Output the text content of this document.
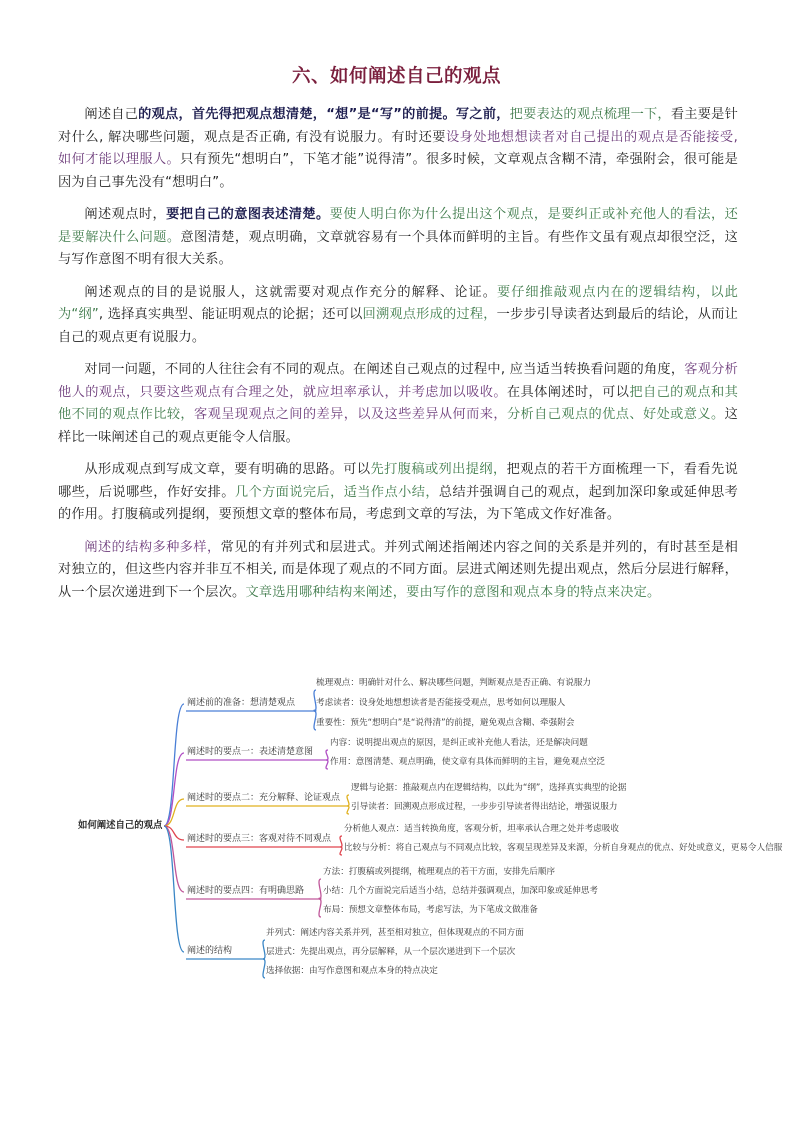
六、如何阐述自己的观点

阐述自己的观点，首先得把观点想清楚，“想”是“写”的前提。写之前，把要表达的观点梳理一下，看主要是针对什么, 解决哪些问题，观点是否正确, 有没有说服力。有时还要设身处地想想读者对自己提出的观点是否能接受, 如何才能以理服人。只有预先“想明白”，下笔才能”说得清”。很多时候，文章观点含糊不清，牵强附会，很可能是因为自己事先没有“想明白”。

阐述观点时，要把自己的意图表述清楚。要使人明白你为什么提出这个观点，是要纠正或补充他人的看法，还是要解决什么问题。意图清楚，观点明确，文章就容易有一个具体而鲜明的主旨。有些作文虽有观点却很空泛，这与写作意图不明有很大关系。

阐述观点的目的是说服人，这就需要对观点作充分的解释、论证。要仔细推敲观点内在的逻辑结构，以此为“纲”, 选择真实典型、能证明观点的论据；还可以回溯观点形成的过程，一步步引导读者达到最后的结论，从而让自己的观点更有说服力。

对同一问题，不同的人往往会有不同的观点。在阐述自己观点的过程中, 应当适当转换看问题的角度，客观分析他人的观点，只要这些观点有合理之处，就应坦率承认，并考虑加以吸收。在具体阐述时，可以把自己的观点和其他不同的观点作比较，客观呈现观点之间的差异，以及这些差异从何而来，分析自己观点的优点、好处或意义。这样比一味阐述自己的观点更能令人信服。

从形成观点到写成文章，要有明确的思路。可以先打腹稿或列出提纲，把观点的若干方面梳理一下，看看先说哪些，后说哪些，作好安排。几个方面说完后，适当作点小结，总结并强调自己的观点，起到加深印象或延伸思考的作用。打腹稿或列提纲，要预想文章的整体布局，考虑到文章的写法，为下笔成文作好准备。

阐述的结构多种多样，常见的有并列式和层进式。并列式阐述指阐述内容之间的关系是并列的，有时甚至是相对独立的，但这些内容并非互不相关, 而是体现了观点的不同方面。层进式阐述则先提出观点，然后分层进行解释，从一个层次递进到下一个层次。文章选用哪种结构来阐述，要由写作的意图和观点本身的特点来决定。

如何阐述自己的观点
阐述前的准备：想清楚观点
梳理观点：明确针对什么、解决哪些问题，判断观点是否正确、有说服力
考虑读者：设身处地想想读者是否能接受观点，思考如何以理服人
重要性：预先“想明白”是“说得清”的前提，避免观点含糊、牵强附会
阐述时的要点一：表述清楚意图
内容：说明提出观点的原因，是纠正或补充他人看法，还是解决问题
作用：意图清楚、观点明确，使文章有具体而鲜明的主旨，避免观点空泛
阐述时的要点二：充分解释、论证观点
逻辑与论据：推敲观点内在逻辑结构，以此为“纲”，选择真实典型的论据
引导读者：回溯观点形成过程，一步步引导读者得出结论，增强说服力
阐述时的要点三：客观对待不同观点
分析他人观点：适当转换角度，客观分析，坦率承认合理之处并考虑吸收
比较与分析：将自己观点与不同观点比较，客观呈现差异及来源，分析自身观点的优点、好处或意义，更易令人信服
阐述时的要点四：有明确思路
方法：打腹稿或列提纲，梳理观点的若干方面，安排先后顺序
小结：几个方面说完后适当小结，总结并强调观点，加深印象或延伸思考
布局：预想文章整体布局，考虑写法，为下笔成文做准备
阐述的结构
并列式：阐述内容关系并列，甚至相对独立，但体现观点的不同方面
层进式：先提出观点，再分层解释，从一个层次递进到下一个层次
选择依据：由写作意图和观点本身的特点决定
